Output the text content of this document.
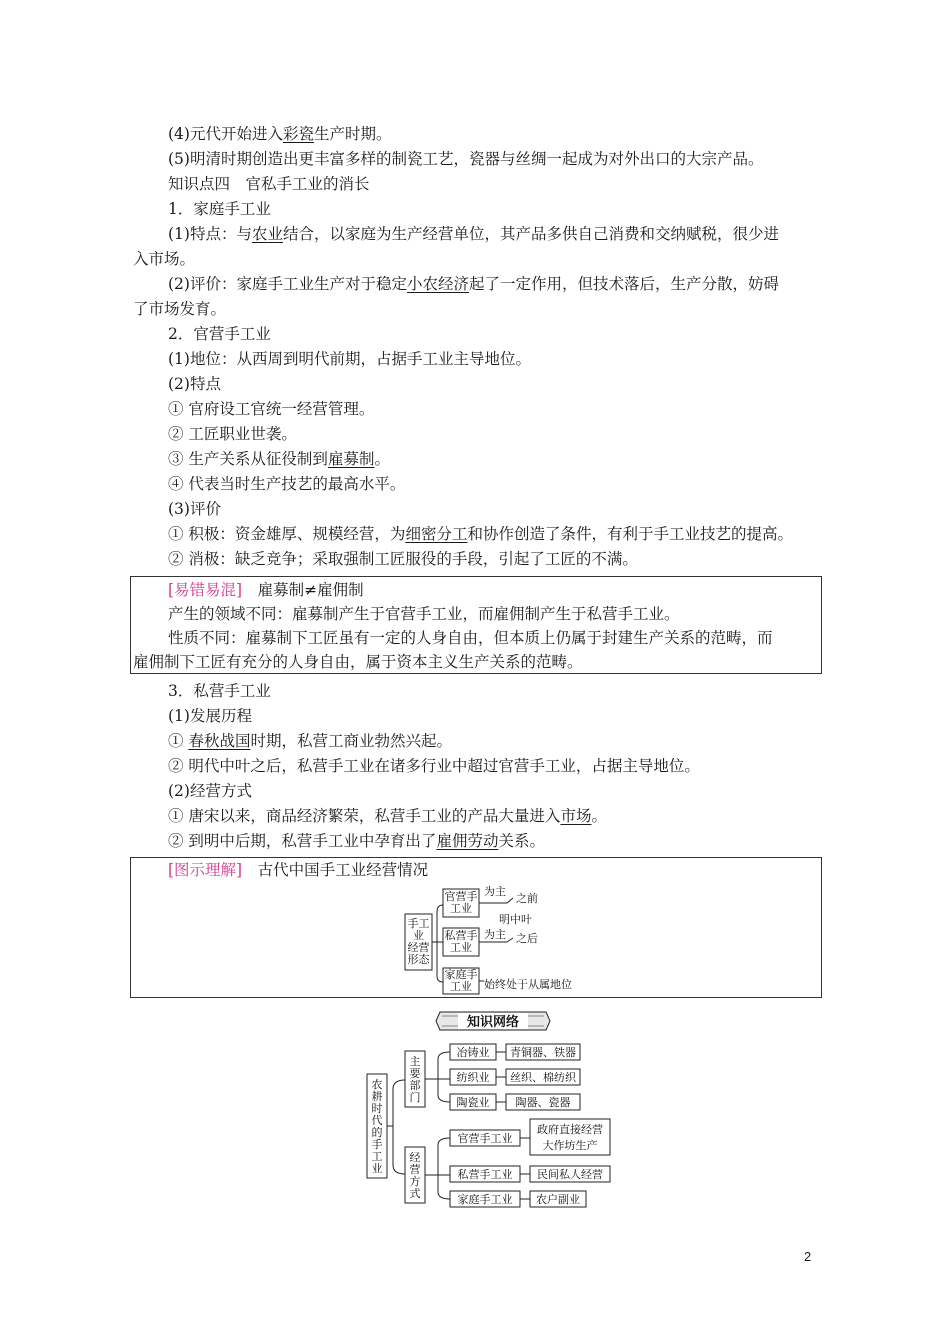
(4)元代开始进入彩瓷生产时期。
(5)明清时期创造出更丰富多样的制瓷工艺，瓷器与丝绸一起成为对外出口的大宗产品。
知识点四　官私手工业的消长
1．家庭手工业
(1)特点：与农业结合，以家庭为生产经营单位，其产品多供自己消费和交纳赋税，很少进
入市场。
(2)评价：家庭手工业生产对于稳定小农经济起了一定作用，但技术落后，生产分散，妨碍
了市场发育。
2．官营手工业
(1)地位：从西周到明代前期，占据手工业主导地位。
(2)特点
① 官府设工官统一经营管理。
② 工匠职业世袭。
③ 生产关系从征役制到雇募制。
④ 代表当时生产技艺的最高水平。
(3)评价
① 积极：资金雄厚、规模经营，为细密分工和协作创造了条件，有利于手工业技艺的提高。
② 消极：缺乏竞争；采取强制工匠服役的手段，引起了工匠的不满。
[易错易混]　 雇募制≠雇佣制
产生的领域不同：雇募制产生于官营手工业，而雇佣制产生于私营手工业。
性质不同：雇募制下工匠虽有一定的人身自由，但本质上仍属于封建生产关系的范畴，而
雇佣制下工匠有充分的人身自由，属于资本主义生产关系的范畴。
3．私营手工业
(1)发展历程
① 春秋战国时期，私营工商业勃然兴起。
② 明代中叶之后，私营手工业在诸多行业中超过官营手工业，占据主导地位。
(2)经营方式
① 唐宋以来，商品经济繁荣，私营手工业的产品大量进入市场。
② 到明中后期，私营手工业中孕育出了雇佣劳动关系。
[图示理解]　 古代中国手工业经营情况
手工
业
经营
形态
官营手
工业
私营手
工业
家庭手
工业
为主
之前
明中叶
为主 之后
始终处于从属地位
知识网络
农
耕
时
代
的
手
工
业
主
要
部
门
经
营
方
式
冶铸业
纺织业
陶瓷业
青铜器、铁器
丝织、棉纺织
陶器、瓷器
官营手工业
私营手工业
家庭手工业
政府直接经营
大作坊生产
民间私人经营
农户副业
2
